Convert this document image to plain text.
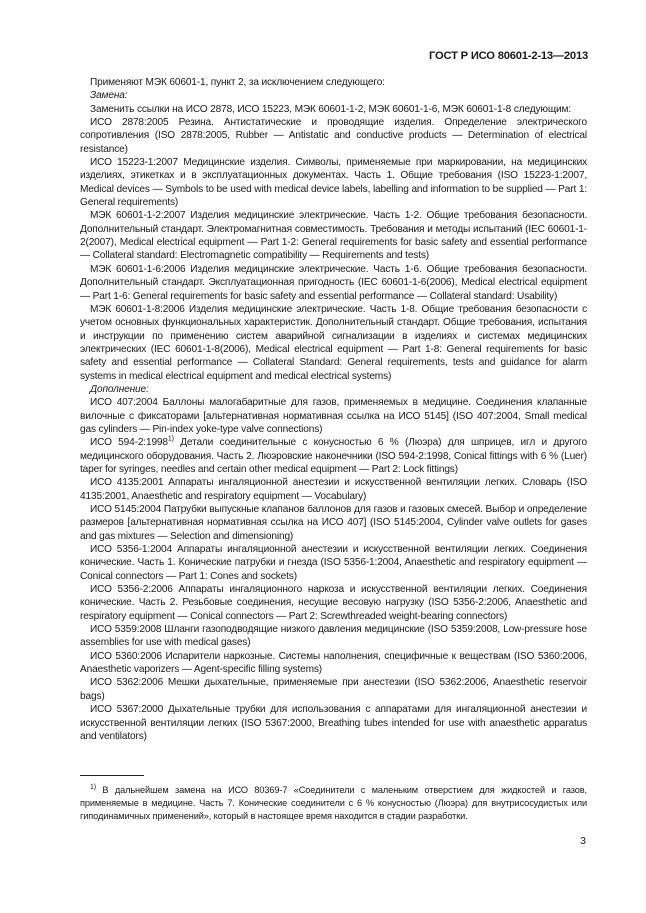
ГОСТ Р ИСО 80601-2-13—2013

Применяют МЭК 60601-1, пункт 2, за исключением следующего:

Замена:

Заменить ссылки на ИСО 2878, ИСО 15223, МЭК 60601-1-2, МЭК 60601-1-6, МЭК 60601-1-8 следующим:

ИСО 2878:2005 Резина. Антистатические и проводящие изделия. Определение электрического сопротивления (ISO 2878:2005, Rubber — Antistatic and conductive products — Determination of electrical resistance)

ИСО 15223-1:2007 Медицинские изделия. Символы, применяемые при маркировании, на медицинских изделиях, этикетках и в эксплуатационных документах. Часть 1. Общие требования (ISO 15223-1:2007, Medical devices — Symbols to be used with medical device labels, labelling and information to be supplied — Part 1: General requirements)

МЭК 60601-1-2:2007 Изделия медицинские электрические. Часть 1-2. Общие требования безопасности. Дополнительный стандарт. Электромагнитная совместимость. Требования и методы испытаний (IEC 60601-1-2(2007), Medical electrical equipment — Part 1-2: General requirements for basic safety and essential performance — Collateral standard: Electromagnetic compatibility — Requirements and tests)

МЭК 60601-1-6:2006 Изделия медицинские электрические. Часть 1-6. Общие требования безопасности. Дополнительный стандарт. Эксплуатационная пригодность (IEC 60601-1-6(2006), Medical electrical equipment — Part 1-6: General requirements for basic safety and essential performance — Collateral standard: Usability)

МЭК 60601-1-8:2006 Изделия медицинские электрические. Часть 1-8. Общие требования безопасности с учетом основных функциональных характеристик. Дополнительный стандарт. Общие требования, испытания и инструкции по применению систем аварийной сигнализации в изделиях и системах медицинских электрических (IEC 60601-1-8(2006), Medical electrical equipment — Part 1-8: General requirements for basic safety and essential performance — Collateral Standard: General requirements, tests and guidance for alarm systems in medical electrical equipment and medical electrical systems)

Дополнение:

ИСО 407:2004 Баллоны малогабаритные для газов, применяемых в медицине. Соединения клапанные вилочные с фиксаторами [альтернативная нормативная ссылка на ИСО 5145] (ISO 407:2004, Small medical gas cylinders — Pin-index yoke-type valve connections)

ИСО 594-2:1998$^{1)}$ Детали соединительные с конусностью 6 % (Люэра) для шприцев, игл и другого медицинского оборудования. Часть 2. Люэровские наконечники (ISO 594-2:1998, Conical fittings with 6 % (Luer) taper for syringes, needles and certain other medical equipment — Part 2: Lock fittings)

ИСО 4135:2001 Аппараты ингаляционной анестезии и искусственной вентиляции легких. Словарь (ISO 4135:2001, Anaesthetic and respiratory equipment — Vocabulary)

ИСО 5145:2004 Патрубки выпускные клапанов баллонов для газов и газовых смесей. Выбор и определение размеров [альтернативная нормативная ссылка на ИСО 407] (ISO 5145:2004, Cylinder valve outlets for gases and gas mixtures — Selection and dimensioning)

ИСО 5356-1:2004 Аппараты ингаляционной анестезии и искусственной вентиляции легких. Соединения конические. Часть 1. Конические патрубки и гнезда (ISO 5356-1:2004, Anaesthetic and respiratory equipment — Conical connectors — Part 1: Cones and sockets)

ИСО 5356-2:2006 Аппараты ингаляционного наркоза и искусственной вентиляции легких. Соединения конические. Часть 2. Резьбовые соединения, несущие весовую нагрузку (ISO 5356-2:2006, Anaesthetic and respiratory equipment — Conical connectors — Part 2: Screwthreaded weight-bearing connectors)

ИСО 5359:2008 Шланги газоподводящие низкого давления медицинские (ISO 5359:2008, Low-pressure hose assemblies for use with medical gases)

ИСО 5360:2006 Испарители наркозные. Системы наполнения, специфичные к веществам (ISO 5360:2006, Anaesthetic vaporizers — Agent-specific filling systems)

ИСО 5362:2006 Мешки дыхательные, применяемые при анестезии (ISO 5362:2006, Anaesthetic reservoir bags)

ИСО 5367:2000 Дыхательные трубки для использования с аппаратами для ингаляционной анестезии и искусственной вентиляции легких (ISO 5367:2000, Breathing tubes intended for use with anaesthetic apparatus and ventilators)

$^{1)}$ В дальнейшем замена на ИСО 80369-7 «Соединители с маленьким отверстием для жидкостей и газов, применяемые в медицине. Часть 7. Конические соединители с 6 % конусностью (Люэра) для внутрисосудистых или гиподинамичных применений», который в настоящее время находится в стадии разработки.

3
